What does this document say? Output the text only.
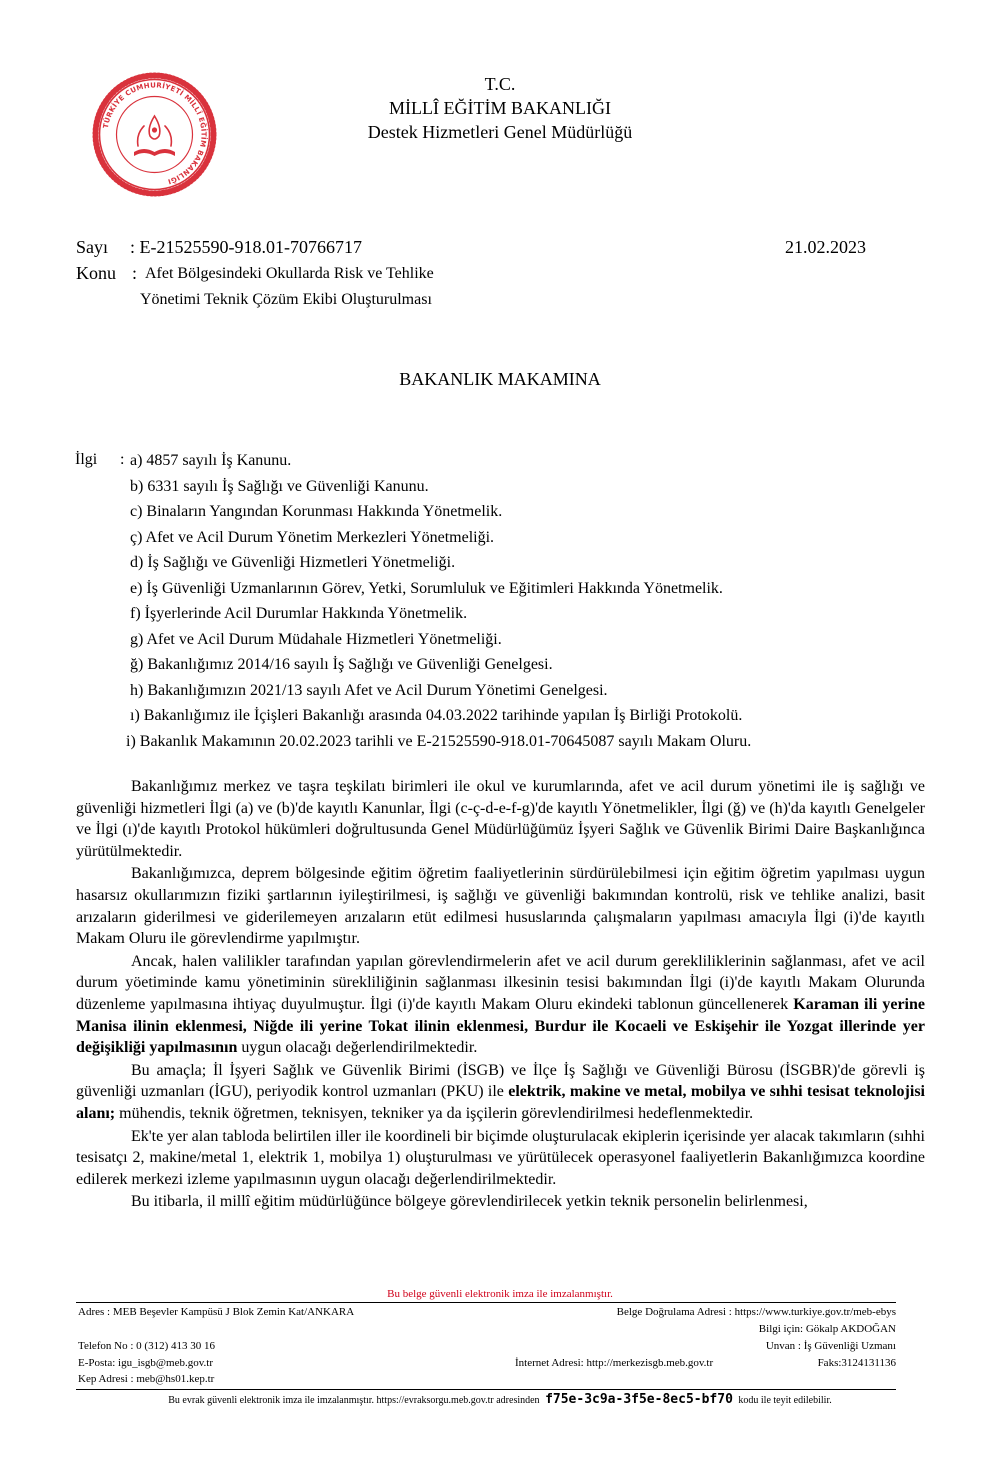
TÜRKİYE CUMHURİYETİ MİLLÎ EĞİTİM BAKANLIĞI
T.C.
MİLLÎ EĞİTİM BAKANLIĞI
Destek Hizmetleri Genel Müdürlüğü
Sayı : E-21525590-918.01-70766717	21.02.2023
Konu : Afet Bölgesindeki Okullarda Risk ve Tehlike
Yönetimi Teknik Çözüm Ekibi Oluşturulması
BAKANLIK MAKAMINA
İlgi : a) 4857 sayılı İş Kanunu.
b) 6331 sayılı İş Sağlığı ve Güvenliği Kanunu.
c) Binaların Yangından Korunması Hakkında Yönetmelik.
ç) Afet ve Acil Durum Yönetim Merkezleri Yönetmeliği.
d) İş Sağlığı ve Güvenliği Hizmetleri Yönetmeliği.
e) İş Güvenliği Uzmanlarının Görev, Yetki, Sorumluluk ve Eğitimleri Hakkında Yönetmelik.
f) İşyerlerinde Acil Durumlar Hakkında Yönetmelik.
g) Afet ve Acil Durum Müdahale Hizmetleri Yönetmeliği.
ğ) Bakanlığımız 2014/16 sayılı İş Sağlığı ve Güvenliği Genelgesi.
h) Bakanlığımızın 2021/13 sayılı Afet ve Acil Durum Yönetimi Genelgesi.
ı) Bakanlığımız ile İçişleri Bakanlığı arasında 04.03.2022 tarihinde yapılan İş Birliği Protokolü.
i) Bakanlık Makamının 20.02.2023 tarihli ve E-21525590-918.01-70645087 sayılı Makam Oluru.

Bakanlığımız merkez ve taşra teşkilatı birimleri ile okul ve kurumlarında, afet ve acil durum yönetimi ile iş sağlığı ve güvenliği hizmetleri İlgi (a) ve (b)'de kayıtlı Kanunlar, İlgi (c-ç-d-e-f-g)'de kayıtlı Yönetmelikler, İlgi (ğ) ve (h)'da kayıtlı Genelgeler ve İlgi (ı)'de kayıtlı Protokol hükümleri doğrultusunda Genel Müdürlüğümüz İşyeri Sağlık ve Güvenlik Birimi Daire Başkanlığınca yürütülmektedir.

Bakanlığımızca, deprem bölgesinde eğitim öğretim faaliyetlerinin sürdürülebilmesi için eğitim öğretim yapılması uygun hasarsız okullarımızın fiziki şartlarının iyileştirilmesi, iş sağlığı ve güvenliği bakımından kontrolü, risk ve tehlike analizi, basit arızaların giderilmesi ve giderilemeyen arızaların etüt edilmesi hususlarında çalışmaların yapılması amacıyla İlgi (i)'de kayıtlı Makam Oluru ile görevlendirme yapılmıştır.

Ancak, halen valilikler tarafından yapılan görevlendirmelerin afet ve acil durum gerekliliklerinin sağlanması, afet ve acil durum yöetiminde kamu yönetiminin sürekliliğinin sağlanması ilkesinin tesisi bakımından İlgi (i)'de kayıtlı Makam Olurunda düzenleme yapılmasına ihtiyaç duyulmuştur. İlgi (i)'de kayıtlı Makam Oluru ekindeki tablonun güncellenerek Karaman ili yerine Manisa ilinin eklenmesi, Niğde ili yerine Tokat ilinin eklenmesi, Burdur ile Kocaeli ve Eskişehir ile Yozgat illerinde yer değişikliği yapılmasının uygun olacağı değerlendirilmektedir.

Bu amaçla; İl İşyeri Sağlık ve Güvenlik Birimi (İSGB) ve İlçe İş Sağlığı ve Güvenliği Bürosu (İSGBR)'de görevli iş güvenliği uzmanları (İGU), periyodik kontrol uzmanları (PKU) ile elektrik, makine ve metal, mobilya ve sıhhi tesisat teknolojisi alanı; mühendis, teknik öğretmen, teknisyen, tekniker ya da işçilerin görevlendirilmesi hedeflenmektedir.

Ek'te yer alan tabloda belirtilen iller ile koordineli bir biçimde oluşturulacak ekiplerin içerisinde yer alacak takımların (sıhhi tesisatçı 2, makine/metal 1, elektrik 1, mobilya 1) oluşturulması ve yürütülecek operasyonel faaliyetlerin Bakanlığımızca koordine edilerek merkezi izleme yapılmasının uygun olacağı değerlendirilmektedir.

Bu itibarla, il millî eğitim müdürlüğünce bölgeye görevlendirilecek yetkin teknik personelin belirlenmesi,

Bu belge güvenli elektronik imza ile imzalanmıştır.
Adres : MEB Beşevler Kampüsü J Blok Zemin Kat/ANKARA	Belge Doğrulama Adresi : https://www.turkiye.gov.tr/meb-ebys
Bilgi için: Gökalp AKDOĞAN
Telefon No : 0 (312) 413 30 16	Unvan : İş Güvenliği Uzmanı
E-Posta: igu_isgb@meb.gov.tr	İnternet Adresi: http://merkezisgb.meb.gov.tr	Faks:3124131136
Kep Adresi : meb@hs01.kep.tr
Bu evrak güvenli elektronik imza ile imzalanmıştır. https://evraksorgu.meb.gov.tr adresinden f75e-3c9a-3f5e-8ec5-bf70 kodu ile teyit edilebilir.
